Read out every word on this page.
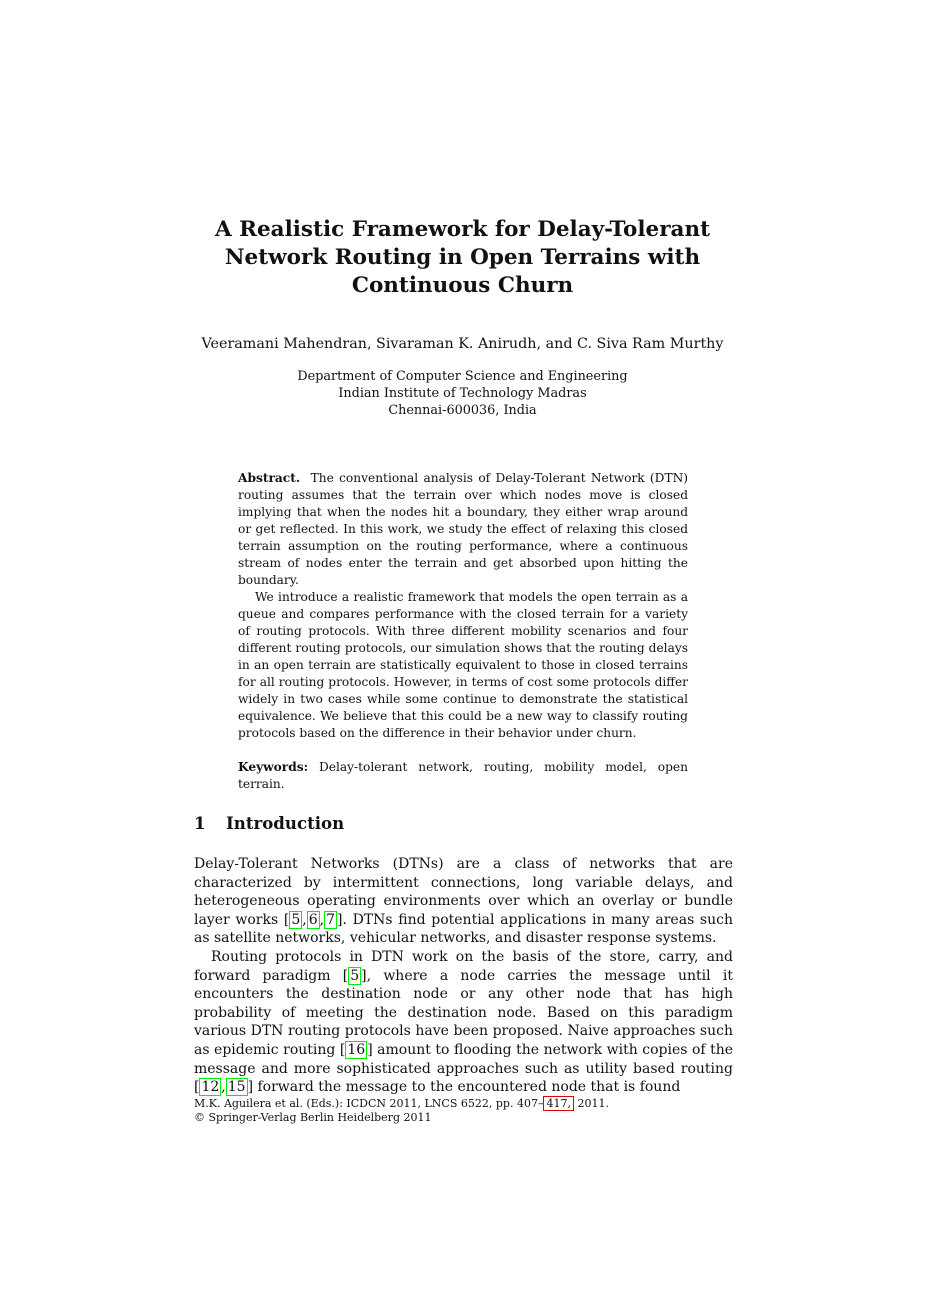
A Realistic Framework for Delay-Tolerant
Network Routing in Open Terrains with
Continuous Churn
Veeramani Mahendran, Sivaraman K. Anirudh, and C. Siva Ram Murthy
Department of Computer Science and Engineering
Indian Institute of Technology Madras
Chennai-600036, India

Abstract. The conventional analysis of Delay-Tolerant Network (DTN) routing assumes that the terrain over which nodes move is closed implying that when the nodes hit a boundary, they either wrap around or get reflected. In this work, we study the effect of relaxing this closed terrain assumption on the routing performance, where a continuous stream of nodes enter the terrain and get absorbed upon hitting the boundary.

We introduce a realistic framework that models the open terrain as a queue and compares performance with the closed terrain for a variety of routing protocols. With three different mobility scenarios and four different routing protocols, our simulation shows that the routing delays in an open terrain are statistically equivalent to those in closed terrains for all routing protocols. However, in terms of cost some protocols differ widely in two cases while some continue to demonstrate the statistical equivalence. We believe that this could be a new way to classify routing protocols based on the difference in their behavior under churn.

Keywords: Delay-tolerant network, routing, mobility model, open terrain.

1 Introduction

Delay-Tolerant Networks (DTNs) are a class of networks that are characterized by intermittent connections, long variable delays, and heterogeneous operating environments over which an overlay or bundle layer works [ 5 , 6 , 7 ]. DTNs find potential applications in many areas such as satellite networks, vehicular networks, and disaster response systems.

Routing protocols in DTN work on the basis of the store, carry, and forward paradigm [ 5 ], where a node carries the message until it encounters the destination node or any other node that has high probability of meeting the destination node. Based on this paradigm various DTN routing protocols have been proposed. Naive approaches such as epidemic routing [ 16 ] amount to flooding the network with copies of the message and more sophisticated approaches such as utility based routing [ 12 , 15 ] forward the message to the encountered node that is found

M.K. Aguilera et al. (Eds.): ICDCN 2011, LNCS 6522, pp. 407– 417, 2011.
© Springer-Verlag Berlin Heidelberg 2011
